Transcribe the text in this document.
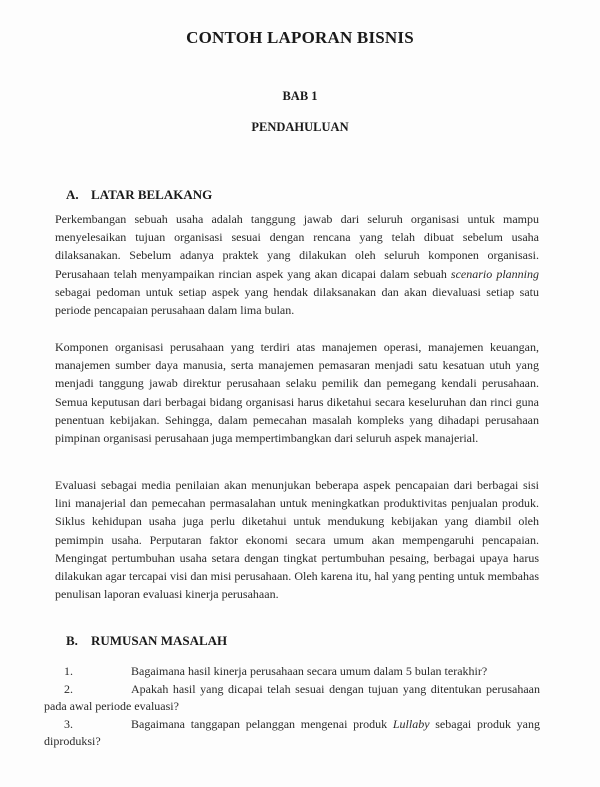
CONTOH LAPORAN BISNIS
BAB 1
PENDAHULUAN
A. LATAR BELAKANG

Perkembangan sebuah usaha adalah tanggung jawab dari seluruh organisasi untuk mampu menyelesaikan tujuan organisasi sesuai dengan rencana yang telah dibuat sebelum usaha dilaksanakan. Sebelum adanya praktek yang dilakukan oleh seluruh komponen organisasi. Perusahaan telah menyampaikan rincian aspek yang akan dicapai dalam sebuah scenario planning sebagai pedoman untuk setiap aspek yang hendak dilaksanakan dan akan dievaluasi setiap satu periode pencapaian perusahaan dalam lima bulan.

Komponen organisasi perusahaan yang terdiri atas manajemen operasi, manajemen keuangan, manajemen sumber daya manusia, serta manajemen pemasaran menjadi satu kesatuan utuh yang menjadi tanggung jawab direktur perusahaan selaku pemilik dan pemegang kendali perusahaan. Semua keputusan dari berbagai bidang organisasi harus diketahui secara keseluruhan dan rinci guna penentuan kebijakan. Sehingga, dalam pemecahan masalah kompleks yang dihadapi perusahaan pimpinan organisasi perusahaan juga mempertimbangkan dari seluruh aspek manajerial.

Evaluasi sebagai media penilaian akan menunjukan beberapa aspek pencapaian dari berbagai sisi lini manajerial dan pemecahan permasalahan untuk meningkatkan produktivitas penjualan produk. Siklus kehidupan usaha juga perlu diketahui untuk mendukung kebijakan yang diambil oleh pemimpin usaha. Perputaran faktor ekonomi secara umum akan mempengaruhi pencapaian. Mengingat pertumbuhan usaha setara dengan tingkat pertumbuhan pesaing, berbagai upaya harus dilakukan agar tercapai visi dan misi perusahaan. Oleh karena itu, hal yang penting untuk membahas penulisan laporan evaluasi kinerja perusahaan.

B. RUMUSAN MASALAH
1.	Bagaimana hasil kinerja perusahaan secara umum dalam 5 bulan terakhir?
2.	Apakah hasil yang dicapai telah sesuai dengan tujuan yang ditentukan perusahaan pada awal periode evaluasi?
3.	Bagaimana tanggapan pelanggan mengenai produk Lullaby sebagai produk yang diproduksi?
